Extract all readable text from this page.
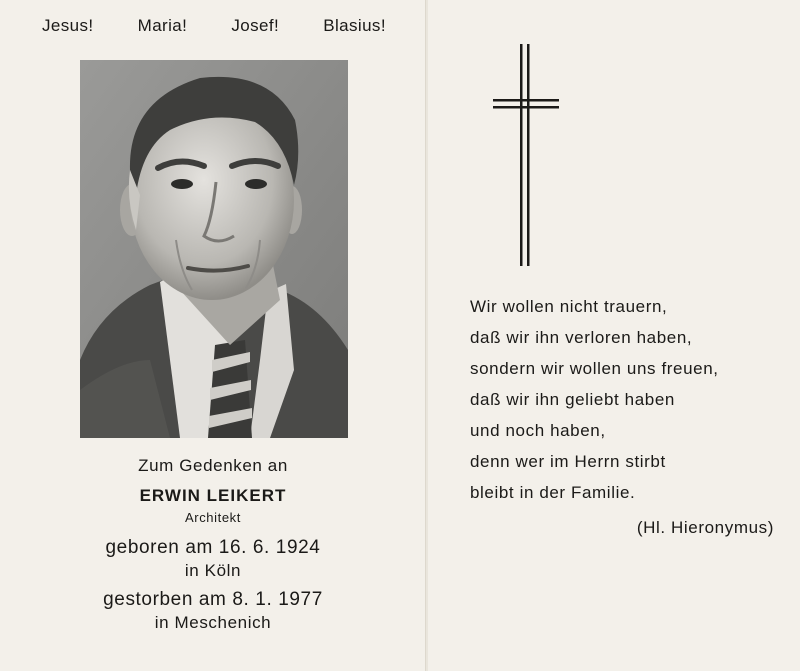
Jesus!	Maria!	Josef!	Blasius!
Zum Gedenken an
ERWIN LEIKERT
Architekt
geboren am 16. 6. 1924
in Köln
gestorben am 8. 1. 1977
in Meschenich
Wir wollen nicht trauern,
daß wir ihn verloren haben,
sondern wir wollen uns freuen,
daß wir ihn geliebt haben
und noch haben,
denn wer im Herrn stirbt
bleibt in der Familie.
(Hl. Hieronymus)
